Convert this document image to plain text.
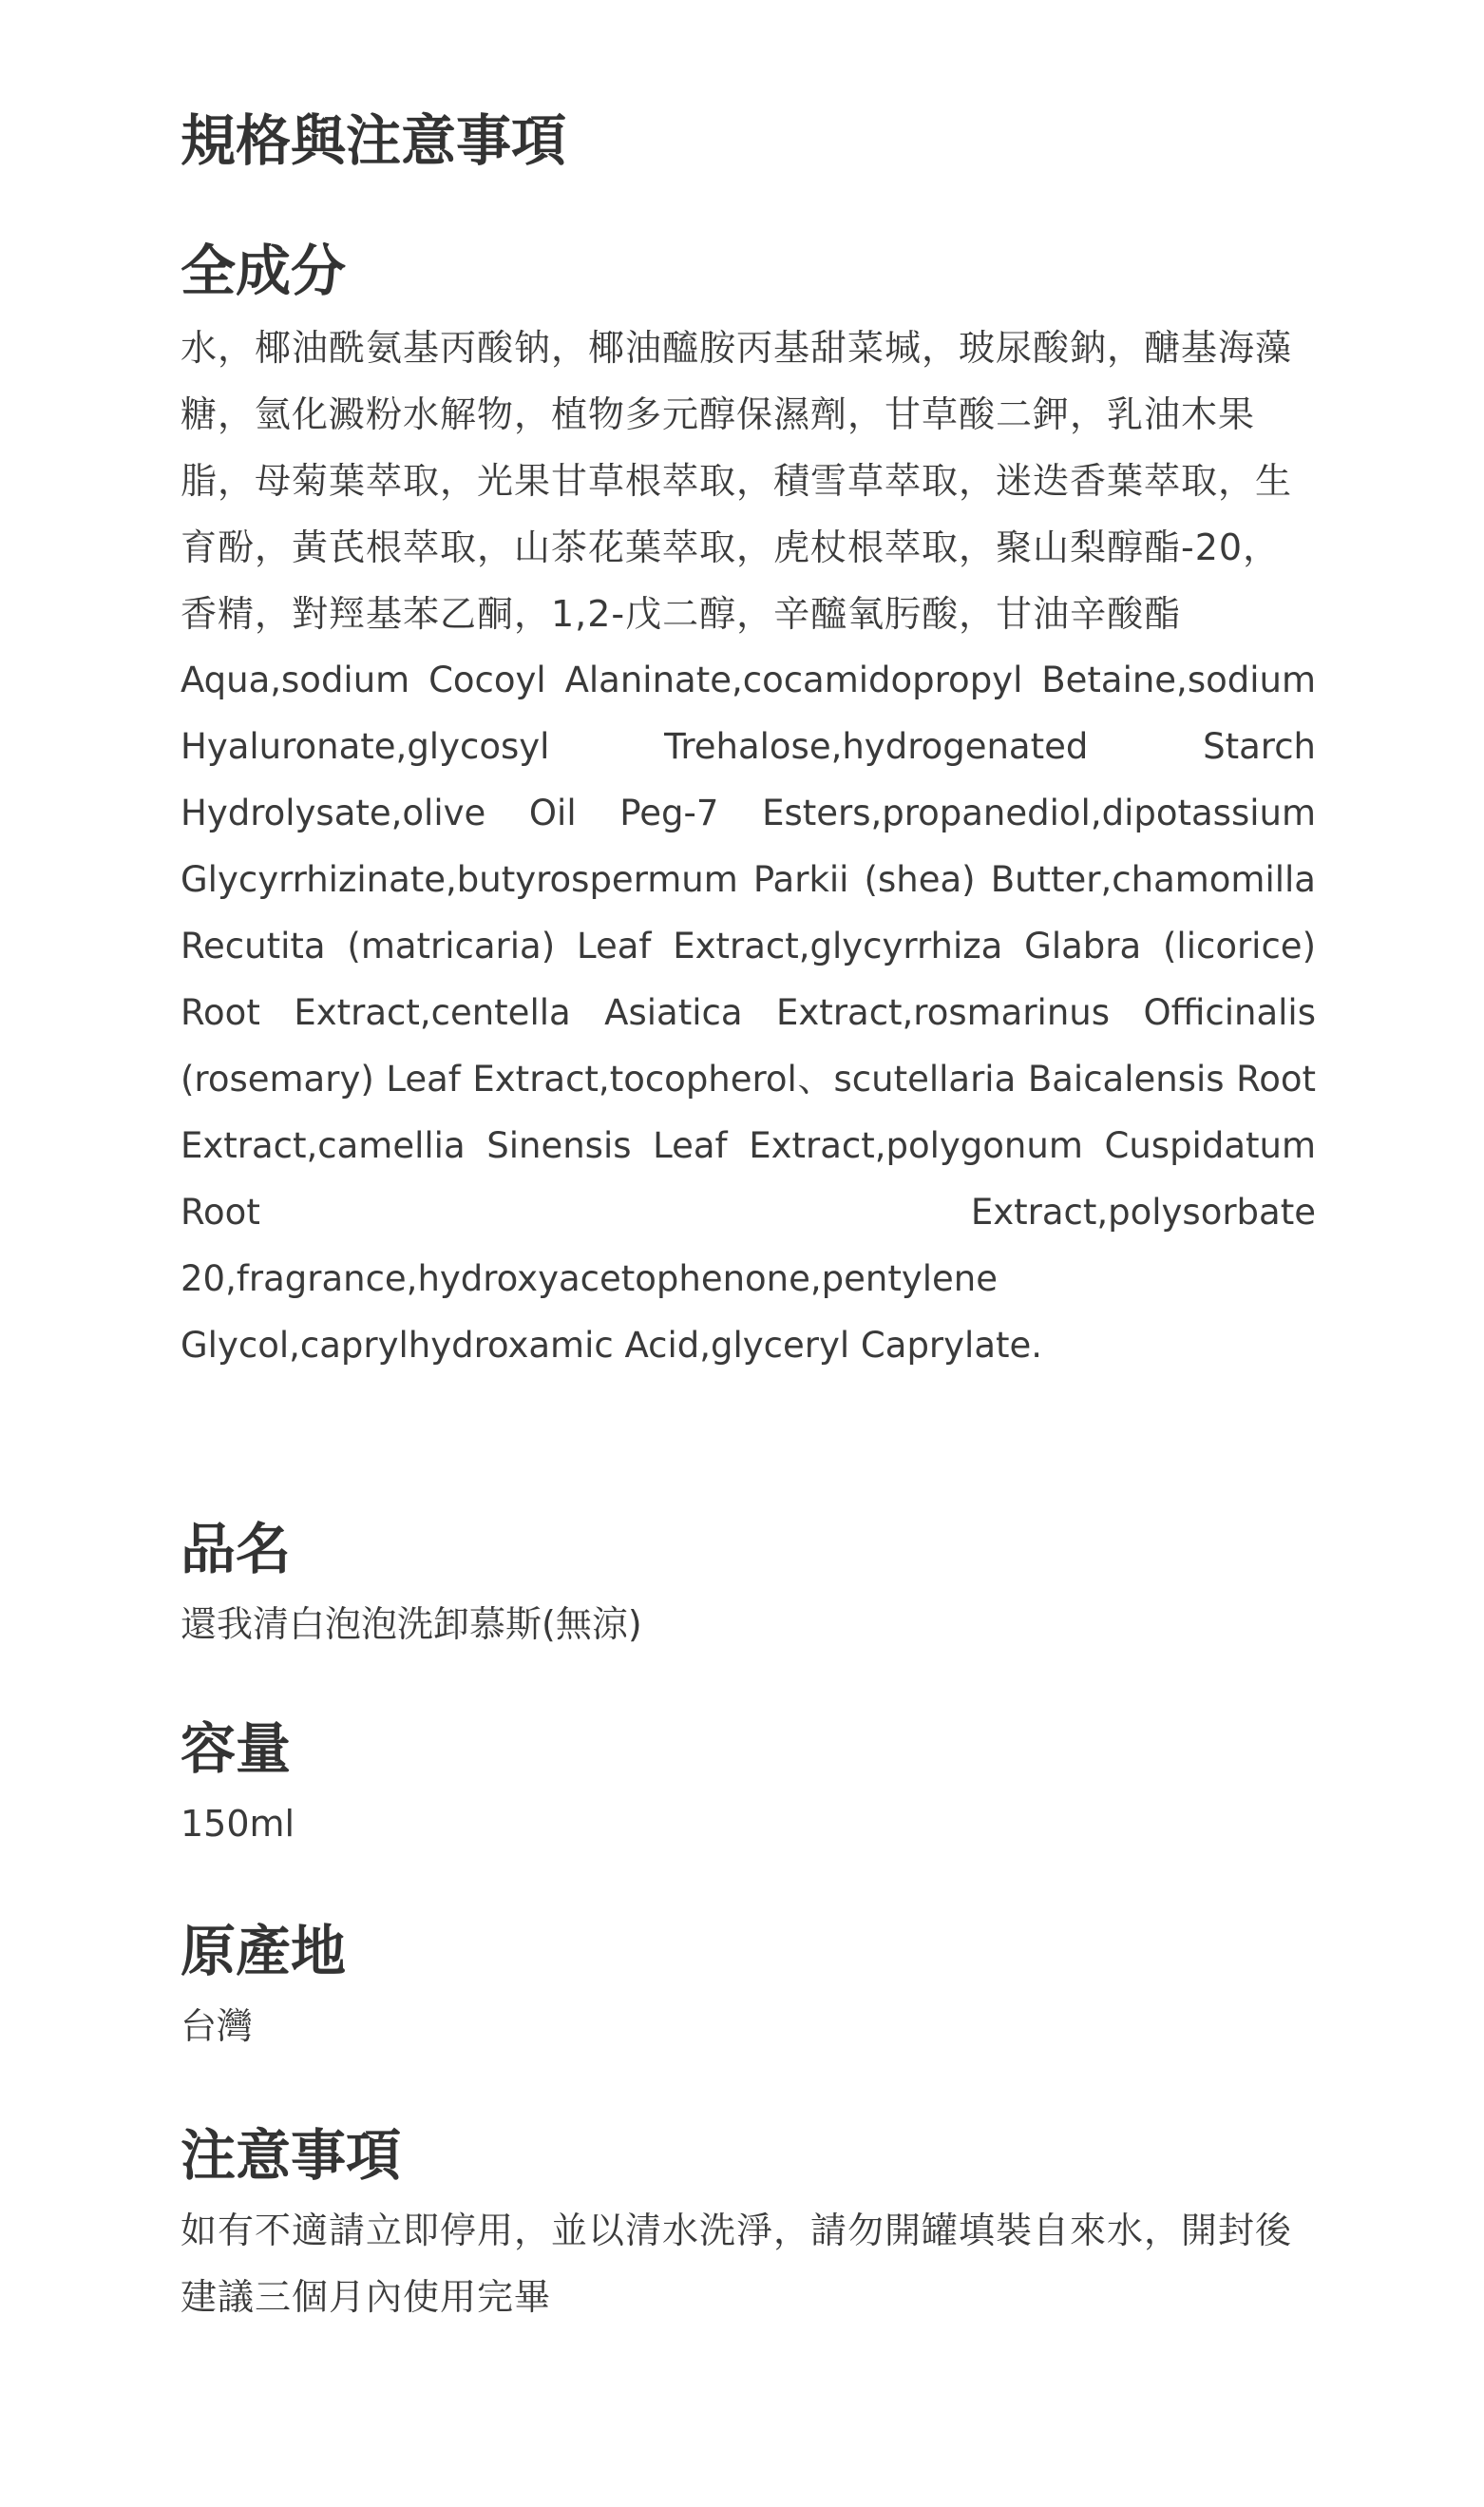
規格與注意事項
全成分

水，椰油酰氨基丙酸钠，椰油醯胺丙基甜菜堿，玻尿酸鈉，醣基海藻糖，氫化澱粉水解物，植物多元醇保濕劑，甘草酸二鉀，乳油木果脂，母菊葉萃取，光果甘草根萃取，積雪草萃取，迷迭香葉萃取，生育酚，黃芪根萃取，山茶花葉萃取，虎杖根萃取，聚山梨醇酯-20，香精，對羥基苯乙酮，1,2-戊二醇，辛醯氧肟酸，甘油辛酸酯

Aqua,sodium Cocoyl Alaninate,cocamidopropyl Betaine,sodium Hyaluronate,glycosyl Trehalose,hydrogenated Starch Hydrolysate,olive Oil Peg-7 Esters,propanediol,dipotassium Glycyrrhizinate,butyrospermum Parkii (shea) Butter,chamomilla Recutita (matricaria) Leaf Extract,glycyrrhiza Glabra (licorice) Root Extract,centella Asiatica Extract,rosmarinus Officinalis (rosemary) Leaf Extract,tocopherol、scutellaria Baicalensis Root Extract,camellia Sinensis Leaf Extract,polygonum Cuspidatum Root Extract,polysorbate 20,fragrance,hydroxyacetophenone,pentylene Glycol,caprylhydroxamic Acid,glyceryl Caprylate.

品名

還我清白泡泡洗卸慕斯(無涼)

容量

150ml

原產地

台灣

注意事項

如有不適請立即停用，並以清水洗淨，請勿開罐填裝自來水，開封後建議三個月內使用完畢
